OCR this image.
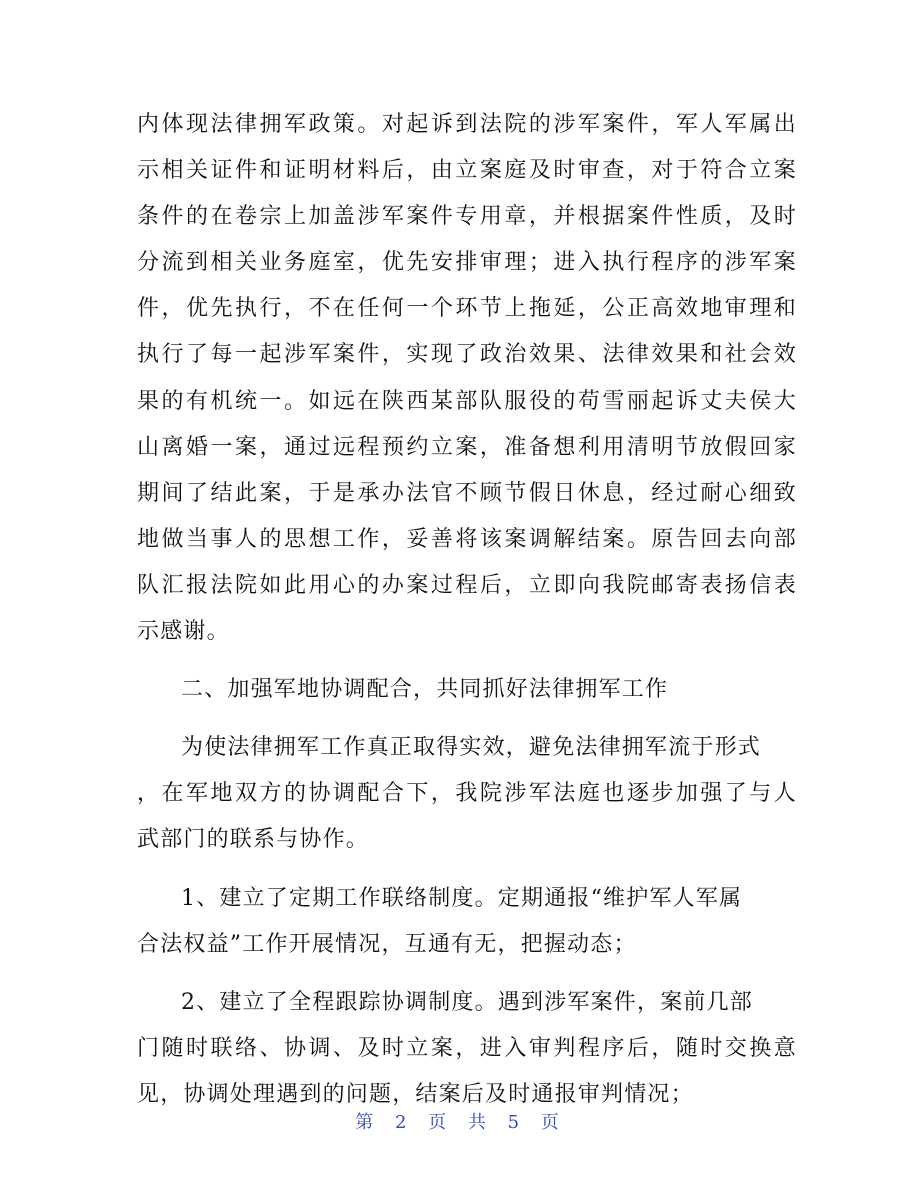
内体现法律拥军政策。对起诉到法院的涉军案件，军人军属出
示相关证件和证明材料后，由立案庭及时审查，对于符合立案
条件的在卷宗上加盖涉军案件专用章，并根据案件性质，及时
分流到相关业务庭室，优先安排审理；进入执行程序的涉军案
件，优先执行，不在任何一个环节上拖延，公正高效地审理和
执行了每一起涉军案件，实现了政治效果、法律效果和社会效
果的有机统一。如远在陕西某部队服役的苟雪丽起诉丈夫侯大
山离婚一案，通过远程预约立案，准备想利用清明节放假回家
期间了结此案，于是承办法官不顾节假日休息，经过耐心细致
地做当事人的思想工作，妥善将该案调解结案。原告回去向部
队汇报法院如此用心的办案过程后，立即向我院邮寄表扬信表
示感谢。
二、加强军地协调配合，共同抓好法律拥军工作
为使法律拥军工作真正取得实效，避免法律拥军流于形式
，在军地双方的协调配合下，我院涉军法庭也逐步加强了与人
武部门的联系与协作。
1、建立了定期工作联络制度。定期通报“维护军人军属
合法权益”工作开展情况，互通有无，把握动态；
2、建立了全程跟踪协调制度。遇到涉军案件，案前几部
门随时联络、协调、及时立案，进入审判程序后，随时交换意
见，协调处理遇到的问题，结案后及时通报审判情况；
第 2 页 共 5 页
